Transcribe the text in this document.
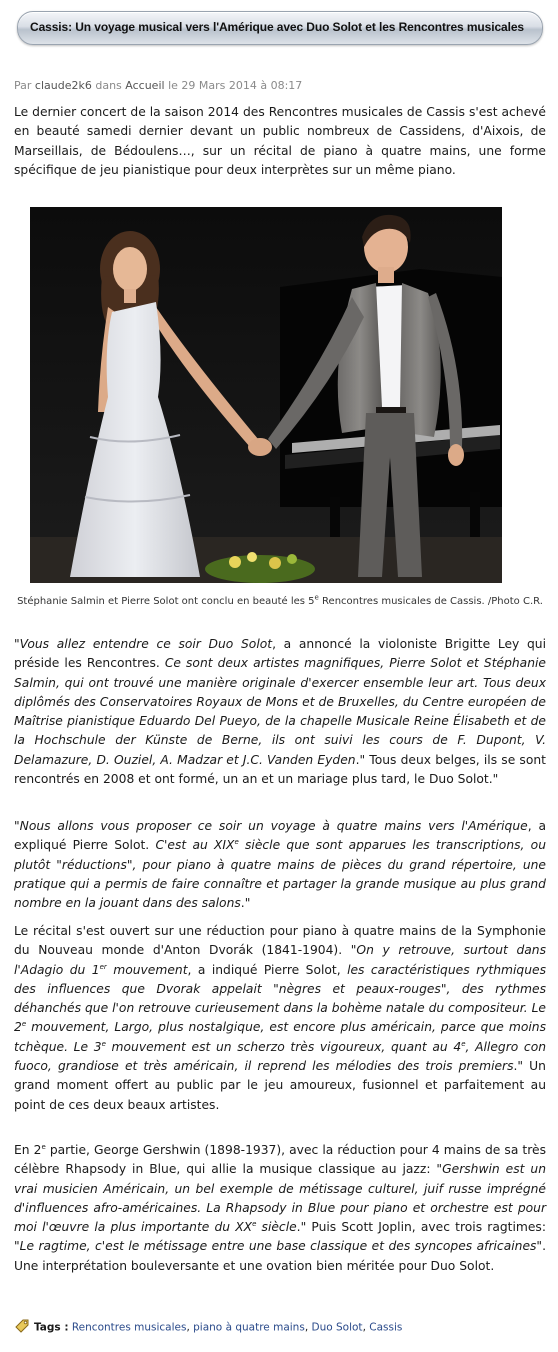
Cassis: Un voyage musical vers l'Amérique avec Duo Solot et les Rencontres musicales
Par claude2k6 dans Accueil le 29 Mars 2014 à 08:17

Le dernier concert de la saison 2014 des Rencontres musicales de Cassis s'est achevé en beauté samedi dernier devant un public nombreux de Cassidens, d'Aixois, de Marseillais, de Bédoulens…, sur un récital de piano à quatre mains, une forme spécifique de jeu pianistique pour deux interprètes sur un même piano.

Stéphanie Salmin et Pierre Solot ont conclu en beauté les 5e Rencontres musicales de Cassis. /Photo C.R.

"Vous allez entendre ce soir Duo Solot, a annoncé la violoniste Brigitte Ley qui préside les Rencontres. Ce sont deux artistes magnifiques, Pierre Solot et Stéphanie Salmin, qui ont trouvé une manière originale d'exercer ensemble leur art. Tous deux diplômés des Conservatoires Royaux de Mons et de Bruxelles, du Centre européen de Maîtrise pianistique Eduardo Del Pueyo, de la chapelle Musicale Reine Élisabeth et de la Hochschule der Künste de Berne, ils ont suivi les cours de F. Dupont, V. Delamazure, D. Ouziel, A. Madzar et J.C. Vanden Eyden." Tous deux belges, ils se sont rencontrés en 2008 et ont formé, un an et un mariage plus tard, le Duo Solot."

"Nous allons vous proposer ce soir un voyage à quatre mains vers l'Amérique, a expliqué Pierre Solot. C'est au XIXe siècle que sont apparues les transcriptions, ou plutôt "réductions", pour piano à quatre mains de pièces du grand répertoire, une pratique qui a permis de faire connaître et partager la grande musique au plus grand nombre en la jouant dans des salons."

Le récital s'est ouvert sur une réduction pour piano à quatre mains de la Symphonie du Nouveau monde d'Anton Dvorák (1841-1904). "On y retrouve, surtout dans l'Adagio du 1er mouvement, a indiqué Pierre Solot, les caractéristiques rythmiques des influences que Dvorak appelait "nègres et peaux-rouges", des rythmes déhanchés que l'on retrouve curieusement dans la bohème natale du compositeur. Le 2e mouvement, Largo, plus nostalgique, est encore plus américain, parce que moins tchèque. Le 3e mouvement est un scherzo très vigoureux, quant au 4e, Allegro con fuoco, grandiose et très américain, il reprend les mélodies des trois premiers." Un grand moment offert au public par le jeu amoureux, fusionnel et parfaitement au point de ces deux beaux artistes.

En 2e partie, George Gershwin (1898-1937), avec la réduction pour 4 mains de sa très célèbre Rhapsody in Blue, qui allie la musique classique au jazz: "Gershwin est un vrai musicien Américain, un bel exemple de métissage culturel, juif russe imprégné d'influences afro-américaines. La Rhapsody in Blue pour piano et orchestre est pour moi l'œuvre la plus importante du XXe siècle." Puis Scott Joplin, avec trois ragtimes: "Le ragtime, c'est le métissage entre une base classique et des syncopes africaines". Une interprétation bouleversante et une ovation bien méritée pour Duo Solot.

Tags : Rencontres musicales, piano à quatre mains, Duo Solot, Cassis
